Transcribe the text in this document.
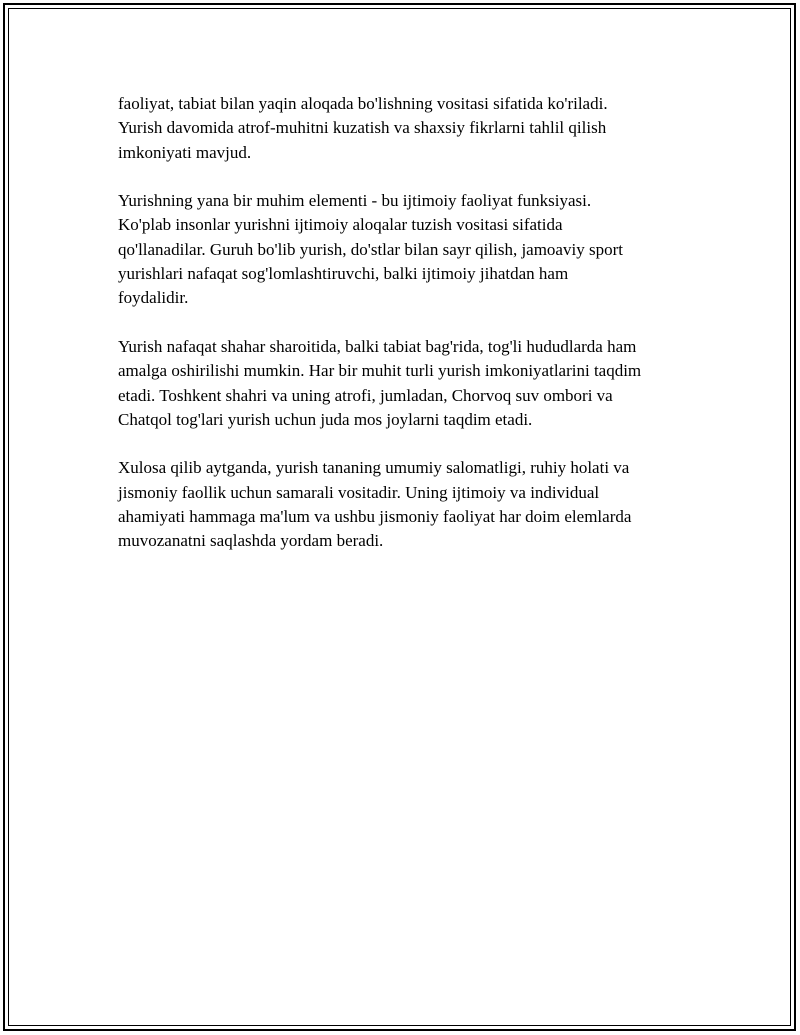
faoliyat, tabiat bilan yaqin aloqada bo'lishning vositasi sifatida ko'riladi.
Yurish davomida atrof-muhitni kuzatish va shaxsiy fikrlarni tahlil qilish
imkoniyati mavjud.

Yurishning yana bir muhim elementi - bu ijtimoiy faoliyat funksiyasi.
Ko'plab insonlar yurishni ijtimoiy aloqalar tuzish vositasi sifatida
qo'llanadilar. Guruh bo'lib yurish, do'stlar bilan sayr qilish, jamoaviy sport
yurishlari nafaqat sog'lomlashtiruvchi, balki ijtimoiy jihatdan ham
foydalidir.

Yurish nafaqat shahar sharoitida, balki tabiat bag'rida, tog'li hududlarda ham
amalga oshirilishi mumkin. Har bir muhit turli yurish imkoniyatlarini taqdim
etadi. Toshkent shahri va uning atrofi, jumladan, Chorvoq suv ombori va
Chatqol tog'lari yurish uchun juda mos joylarni taqdim etadi.

Xulosa qilib aytganda, yurish tananing umumiy salomatligi, ruhiy holati va
jismoniy faollik uchun samarali vositadir. Uning ijtimoiy va individual
ahamiyati hammaga ma'lum va ushbu jismoniy faoliyat har doim elemlarda
muvozanatni saqlashda yordam beradi.
